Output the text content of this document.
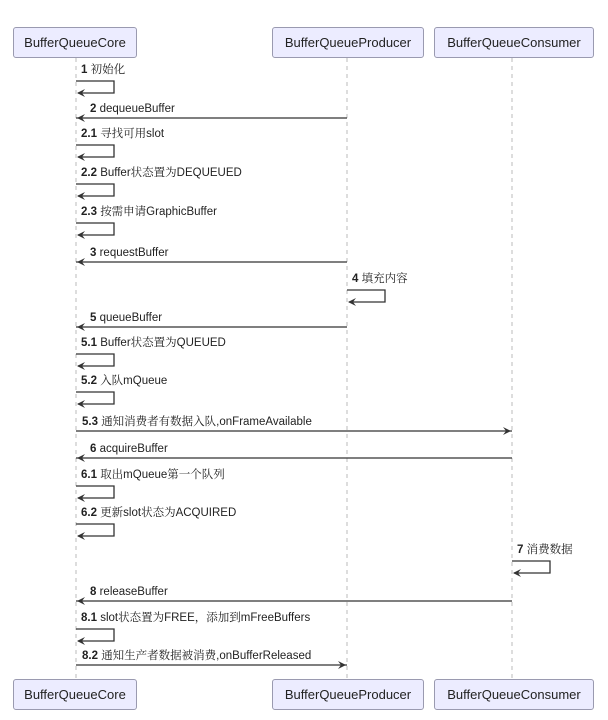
1 初始化
2 dequeueBuffer
2.1 寻找可用slot
2.2 Buffer状态置为DEQUEUED
2.3 按需申请GraphicBuffer
3 requestBuffer
4 填充内容
5 queueBuffer
5.1 Buffer状态置为QUEUED
5.2 入队mQueue
5.3 通知消费者有数据入队,onFrameAvailable
6 acquireBuffer
6.1 取出mQueue第一个队列
6.2 更新slot状态为ACQUIRED
7 消费数据
8 releaseBuffer
8.1 slot状态置为FREE，添加到mFreeBuffers
8.2 通知生产者数据被消费,onBufferReleased
BufferQueueCore	BufferQueueProducer	BufferQueueConsumer
BufferQueueCore	BufferQueueProducer	BufferQueueConsumer
